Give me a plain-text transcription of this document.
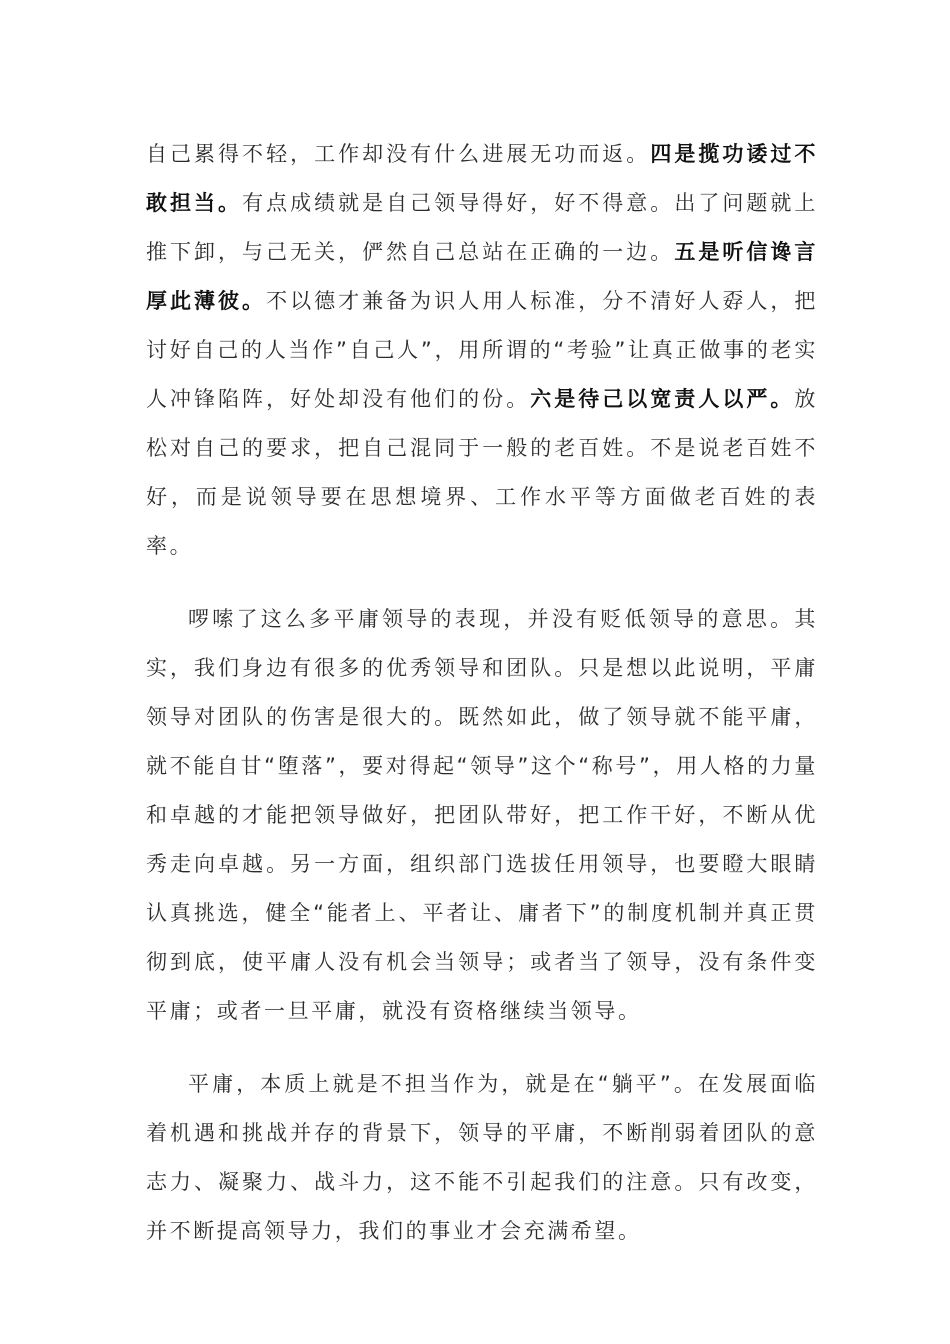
自己累得不轻，工作却没有什么进展无功而返。四是揽功诿过不敢担当。有点成绩就是自己领导得好，好不得意。出了问题就上推下卸，与己无关，俨然自己总站在正确的一边。五是听信谗言厚此薄彼。不以德才兼备为识人用人标准，分不清好人孬人，把讨好自己的人当作”自己人”，用所谓的“考验”让真正做事的老实人冲锋陷阵，好处却没有他们的份。六是待己以宽责人以严。放松对自己的要求，把自己混同于一般的老百姓。不是说老百姓不好，而是说领导要在思想境界、工作水平等方面做老百姓的表率。

啰嗦了这么多平庸领导的表现，并没有贬低领导的意思。其实，我们身边有很多的优秀领导和团队。只是想以此说明，平庸领导对团队的伤害是很大的。既然如此，做了领导就不能平庸，就不能自甘“堕落”，要对得起“领导”这个“称号”，用人格的力量和卓越的才能把领导做好，把团队带好，把工作干好，不断从优秀走向卓越。另一方面，组织部门选拔任用领导，也要瞪大眼睛认真挑选，健全“能者上、平者让、庸者下”的制度机制并真正贯彻到底，使平庸人没有机会当领导；或者当了领导，没有条件变平庸；或者一旦平庸，就没有资格继续当领导。

平庸，本质上就是不担当作为，就是在“躺平”。在发展面临着机遇和挑战并存的背景下，领导的平庸，不断削弱着团队的意志力、凝聚力、战斗力，这不能不引起我们的注意。只有改变，并不断提高领导力，我们的事业才会充满希望。
